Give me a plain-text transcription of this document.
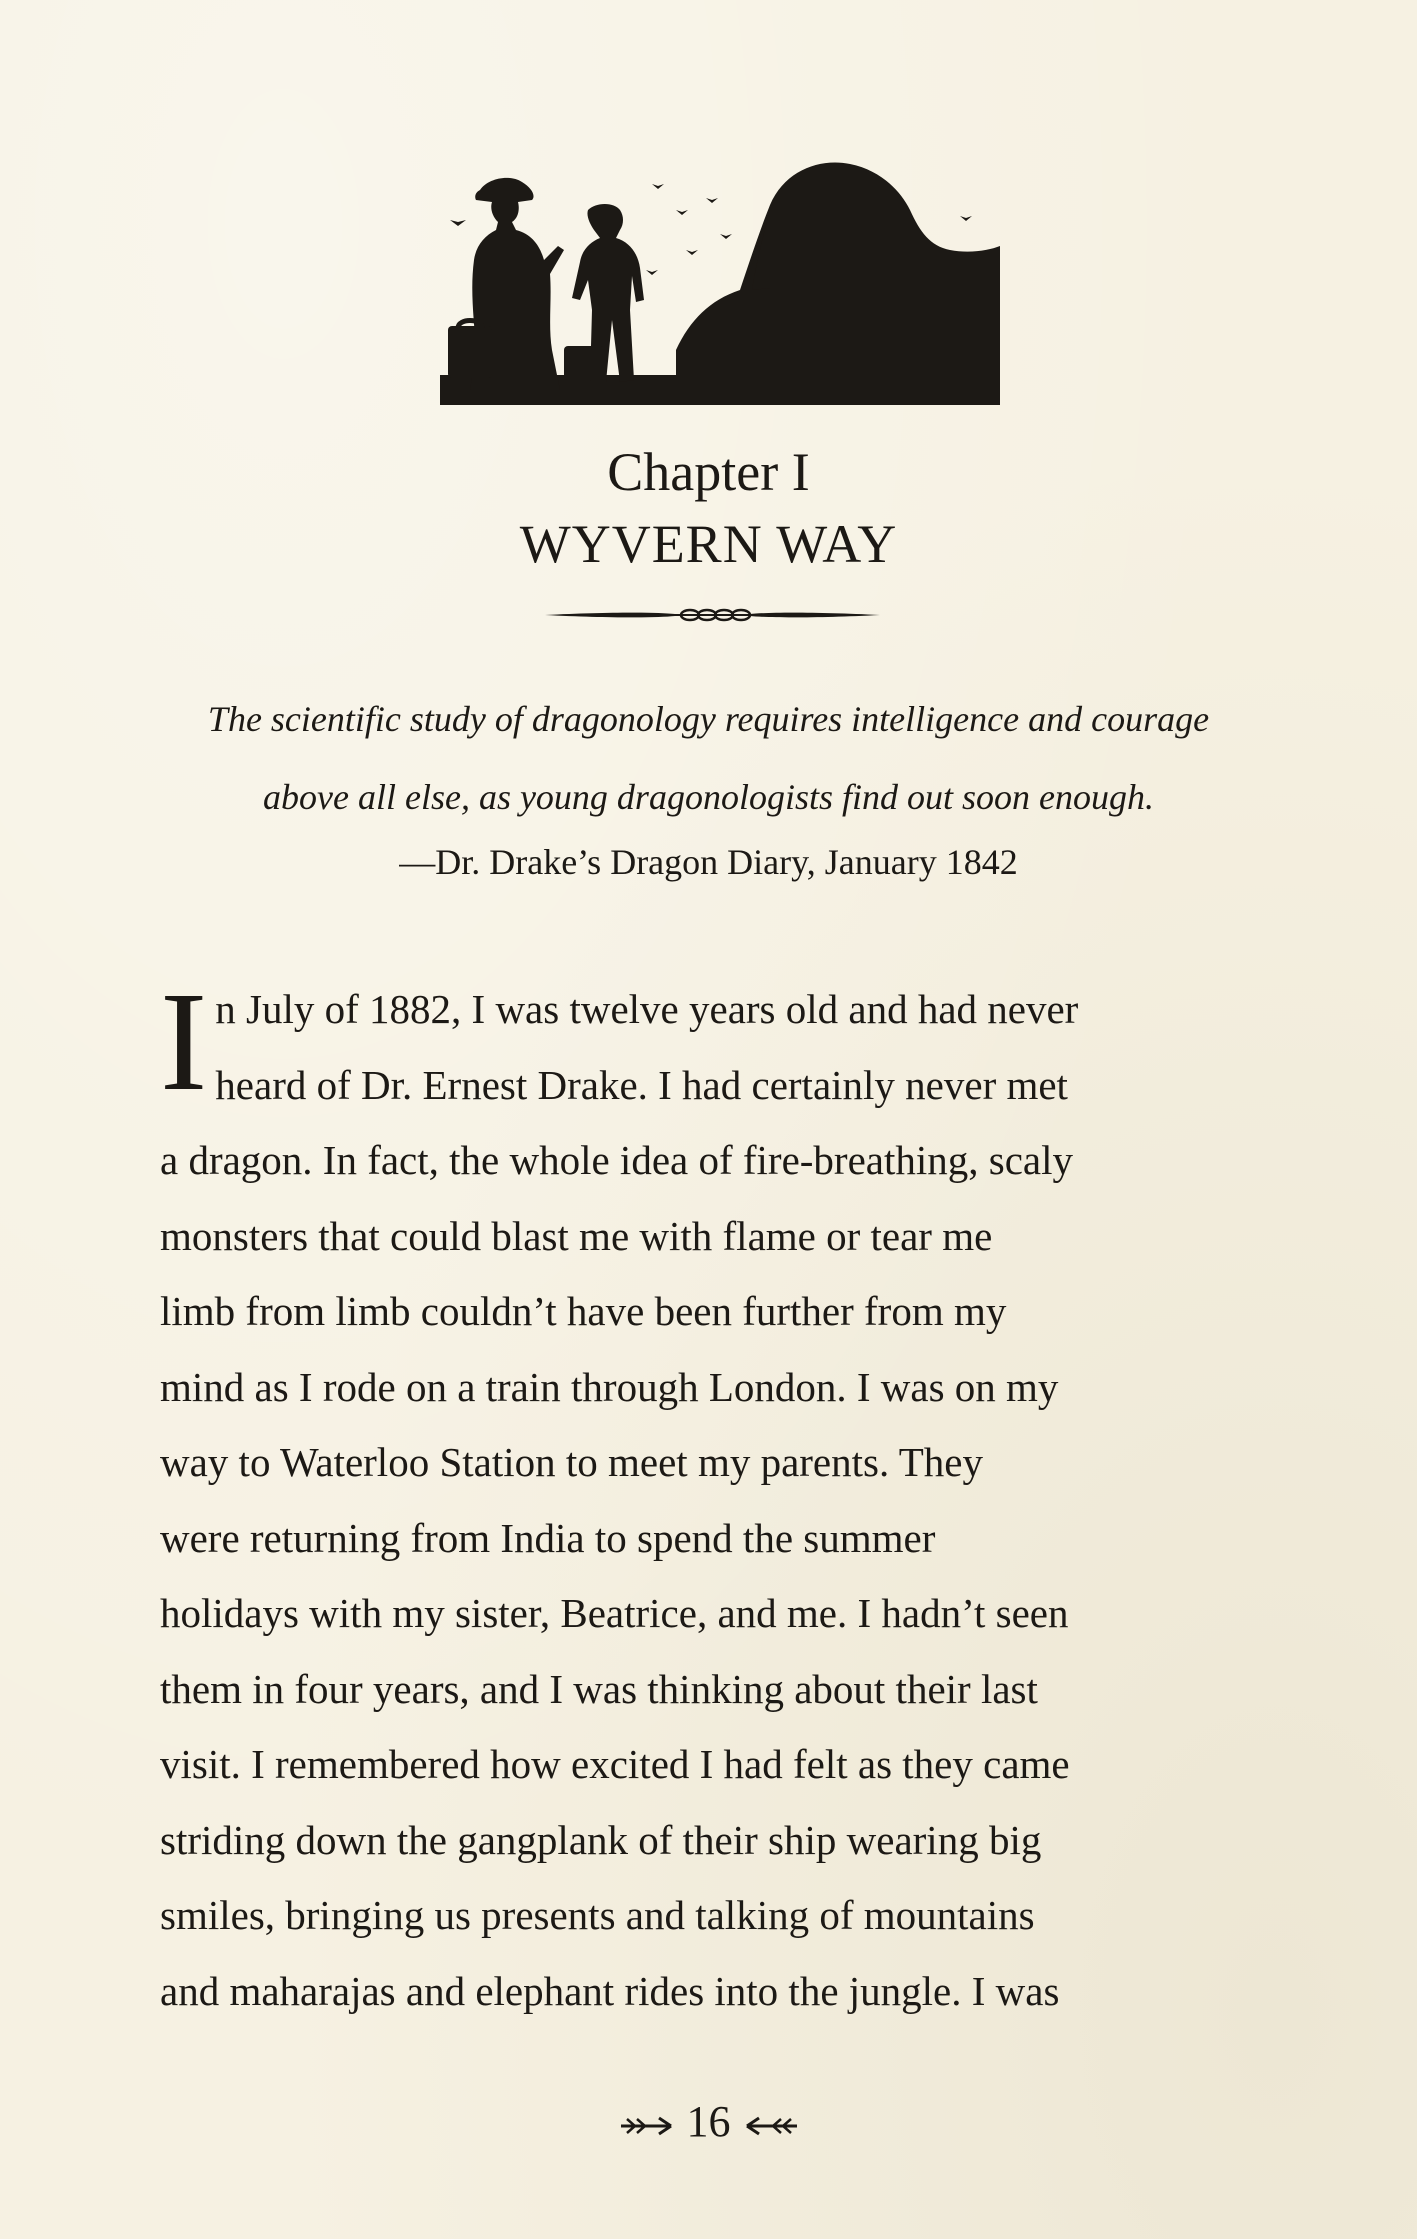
Chapter I
WYVERN WAY

The scientific study of dragonology requires intelligence and courage

above all else, as young dragonologists find out soon enough.

—Dr. Drake’s Dragon Diary, January 1842
I n July of 1882, I was twelve years old and had never
heard of Dr. Ernest Drake. I had certainly never met
a dragon. In fact, the whole idea of fire-breathing, scaly
monsters that could blast me with flame or tear me
limb from limb couldn’t have been further from my
mind as I rode on a train through London. I was on my
way to Waterloo Station to meet my parents. They
were returning from India to spend the summer
holidays with my sister, Beatrice, and me. I hadn’t seen
them in four years, and I was thinking about their last
visit. I remembered how excited I had felt as they came
striding down the gangplank of their ship wearing big
smiles, bringing us presents and talking of mountains
and maharajas and elephant rides into the jungle. I was
16
